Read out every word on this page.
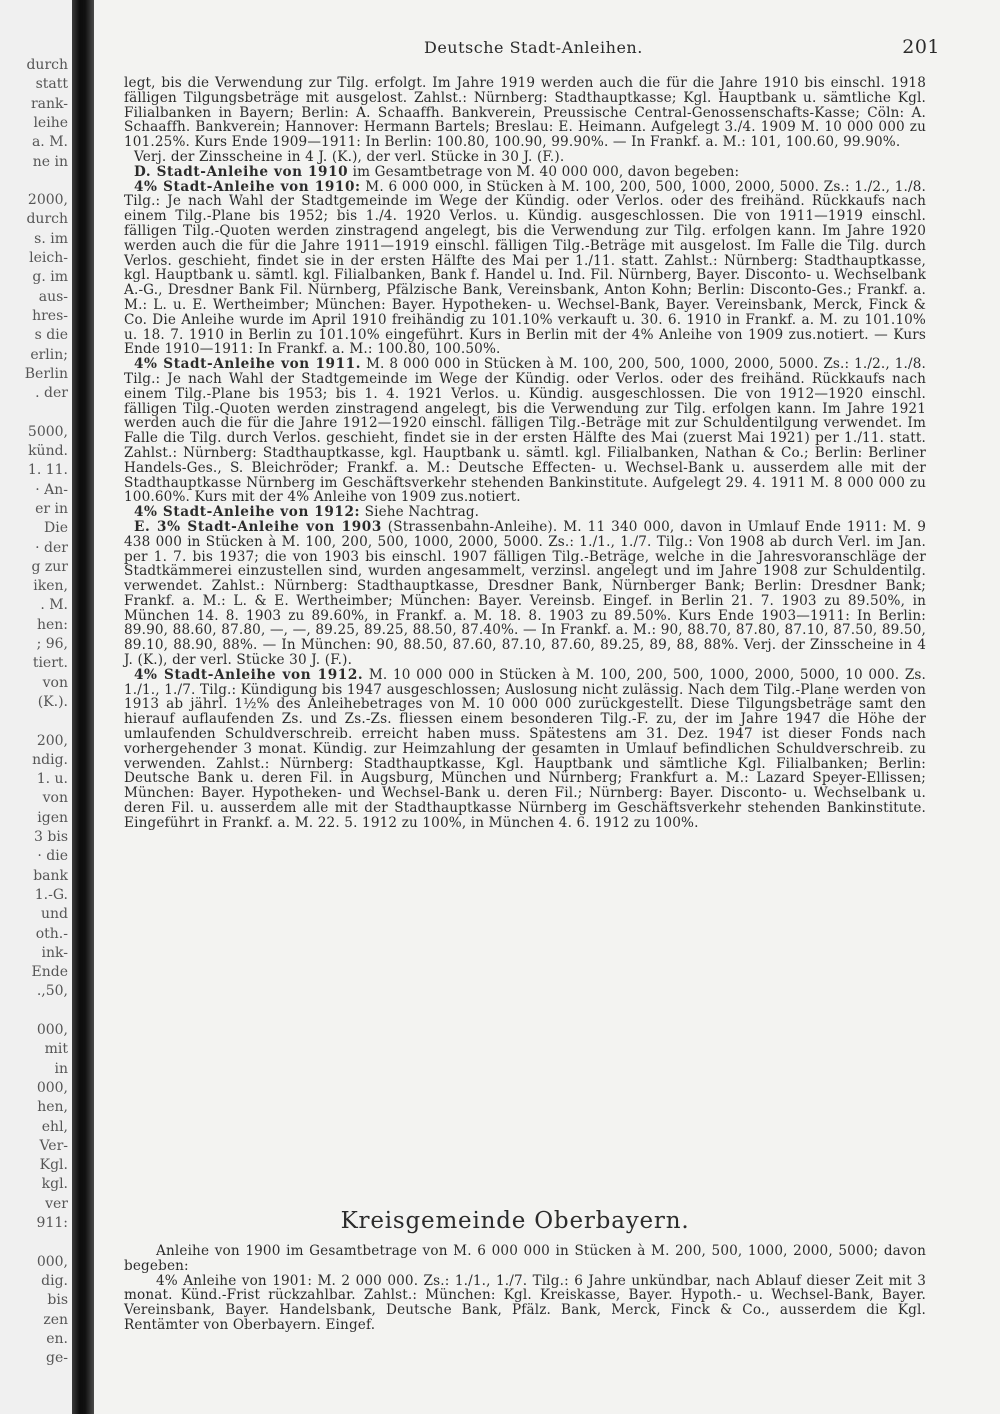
durch
statt
rank-
leihe
a. M.
ne in
2000,
durch
s. im
leich-
g. im
aus-
hres-
s die
erlin;
Berlin
. der
5000,
künd.
1. 11.
· An-
er in
Die
· der
g zur
iken,
. M.
hen:
; 96,
tiert.
von
(K.).
200,
ndig.
1. u.
von
igen
3 bis
· die
bank
1.-G.
und
oth.-
ink-
Ende
.,50,
000,
mit
in
000,
hen,
ehl,
Ver-
Kgl.
kgl.
ver
911:
000,
dig.
bis
zen
en.
ge-
Deutsche Stadt-Anleihen.	201

legt, bis die Verwendung zur Tilg. erfolgt. Im Jahre 1919 werden auch die für die Jahre 1910 bis einschl. 1918 fälligen Tilgungsbeträge mit ausgelost. Zahlst.: Nürnberg: Stadthauptkasse; Kgl. Hauptbank u. sämtliche Kgl. Filialbanken in Bayern; Berlin: A. Schaaffh. Bankverein, Preussische Central-Genossenschafts-Kasse; Cöln: A. Schaaffh. Bankverein; Hannover: Hermann Bartels; Breslau: E. Heimann. Aufgelegt 3./4. 1909 M. 10 000 000 zu 101.25%. Kurs Ende 1909—1911: In Berlin: 100.80, 100.90, 99.90%. — In Frankf. a. M.: 101, 100.60, 99.90%.

Verj. der Zinsscheine in 4 J. (K.), der verl. Stücke in 30 J. (F.).

D. Stadt-Anleihe von 1910 im Gesamtbetrage von M. 40 000 000, davon begeben:

4% Stadt-Anleihe von 1910: M. 6 000 000, in Stücken à M. 100, 200, 500, 1000, 2000, 5000. Zs.: 1./2., 1./8. Tilg.: Je nach Wahl der Stadtgemeinde im Wege der Kündig. oder Verlos. oder des freihänd. Rückkaufs nach einem Tilg.-Plane bis 1952; bis 1./4. 1920 Verlos. u. Kündig. ausgeschlossen. Die von 1911—1919 einschl. fälligen Tilg.-Quoten werden zinstragend angelegt, bis die Verwendung zur Tilg. erfolgen kann. Im Jahre 1920 werden auch die für die Jahre 1911—1919 einschl. fälligen Tilg.-Beträge mit ausgelost. Im Falle die Tilg. durch Verlos. geschieht, findet sie in der ersten Hälfte des Mai per 1./11. statt. Zahlst.: Nürnberg: Stadthauptkasse, kgl. Hauptbank u. sämtl. kgl. Filialbanken, Bank f. Handel u. Ind. Fil. Nürnberg, Bayer. Disconto- u. Wechselbank A.-G., Dresdner Bank Fil. Nürnberg, Pfälzische Bank, Vereinsbank, Anton Kohn; Berlin: Disconto-Ges.; Frankf. a. M.: L. u. E. Wertheimber; München: Bayer. Hypotheken- u. Wechsel-Bank, Bayer. Vereinsbank, Merck, Finck & Co. Die Anleihe wurde im April 1910 freihändig zu 101.10% verkauft u. 30. 6. 1910 in Frankf. a. M. zu 101.10% u. 18. 7. 1910 in Berlin zu 101.10% eingeführt. Kurs in Berlin mit der 4% Anleihe von 1909 zus.notiert. — Kurs Ende 1910—1911: In Frankf. a. M.: 100.80, 100.50%.

4% Stadt-Anleihe von 1911. M. 8 000 000 in Stücken à M. 100, 200, 500, 1000, 2000, 5000. Zs.: 1./2., 1./8. Tilg.: Je nach Wahl der Stadtgemeinde im Wege der Kündig. oder Verlos. oder des freihänd. Rückkaufs nach einem Tilg.-Plane bis 1953; bis 1. 4. 1921 Verlos. u. Kündig. ausgeschlossen. Die von 1912—1920 einschl. fälligen Tilg.-Quoten werden zinstragend angelegt, bis die Verwendung zur Tilg. erfolgen kann. Im Jahre 1921 werden auch die für die Jahre 1912—1920 einschl. fälligen Tilg.-Beträge mit zur Schuldentilgung verwendet. Im Falle die Tilg. durch Verlos. geschieht, findet sie in der ersten Hälfte des Mai (zuerst Mai 1921) per 1./11. statt. Zahlst.: Nürnberg: Stadthauptkasse, kgl. Hauptbank u. sämtl. kgl. Filialbanken, Nathan & Co.; Berlin: Berliner Handels-Ges., S. Bleichröder; Frankf. a. M.: Deutsche Effecten- u. Wechsel-Bank u. ausserdem alle mit der Stadthauptkasse Nürnberg im Geschäftsverkehr stehenden Bankinstitute. Aufgelegt 29. 4. 1911 M. 8 000 000 zu 100.60%. Kurs mit der 4% Anleihe von 1909 zus.notiert.

4% Stadt-Anleihe von 1912: Siehe Nachtrag.

E. 3% Stadt-Anleihe von 1903 (Strassenbahn-Anleihe). M. 11 340 000, davon in Umlauf Ende 1911: M. 9 438 000 in Stücken à M. 100, 200, 500, 1000, 2000, 5000. Zs.: 1./1., 1./7. Tilg.: Von 1908 ab durch Verl. im Jan. per 1. 7. bis 1937; die von 1903 bis einschl. 1907 fälligen Tilg.-Beträge, welche in die Jahresvoranschläge der Stadtkämmerei einzustellen sind, wurden angesammelt, verzinsl. angelegt und im Jahre 1908 zur Schuldentilg. verwendet. Zahlst.: Nürnberg: Stadthauptkasse, Dresdner Bank, Nürnberger Bank; Berlin: Dresdner Bank; Frankf. a. M.: L. & E. Wertheimber; München: Bayer. Vereinsb. Eingef. in Berlin 21. 7. 1903 zu 89.50%, in München 14. 8. 1903 zu 89.60%, in Frankf. a. M. 18. 8. 1903 zu 89.50%. Kurs Ende 1903—1911: In Berlin: 89.90, 88.60, 87.80, —, —, 89.25, 89.25, 88.50, 87.40%. — In Frankf. a. M.: 90, 88.70, 87.80, 87.10, 87.50, 89.50, 89.10, 88.90, 88%. — In München: 90, 88.50, 87.60, 87.10, 87.60, 89.25, 89, 88, 88%. Verj. der Zinsscheine in 4 J. (K.), der verl. Stücke 30 J. (F.).

4% Stadt-Anleihe von 1912. M. 10 000 000 in Stücken à M. 100, 200, 500, 1000, 2000, 5000, 10 000. Zs. 1./1., 1./7. Tilg.: Kündigung bis 1947 ausgeschlossen; Auslosung nicht zulässig. Nach dem Tilg.-Plane werden von 1913 ab jährl. 1½% des Anleihebetrages von M. 10 000 000 zurückgestellt. Diese Tilgungsbeträge samt den hierauf auflaufenden Zs. und Zs.-Zs. fliessen einem besonderen Tilg.-F. zu, der im Jahre 1947 die Höhe der umlaufenden Schuldverschreib. erreicht haben muss. Spätestens am 31. Dez. 1947 ist dieser Fonds nach vorhergehender 3 monat. Kündig. zur Heimzahlung der gesamten in Umlauf befindlichen Schuldverschreib. zu verwenden. Zahlst.: Nürnberg: Stadthauptkasse, Kgl. Hauptbank und sämtliche Kgl. Filialbanken; Berlin: Deutsche Bank u. deren Fil. in Augsburg, München und Nürnberg; Frankfurt a. M.: Lazard Speyer-Ellissen; München: Bayer. Hypotheken- und Wechsel-Bank u. deren Fil.; Nürnberg: Bayer. Disconto- u. Wechselbank u. deren Fil. u. ausserdem alle mit der Stadthauptkasse Nürnberg im Geschäftsverkehr stehenden Bankinstitute. Eingeführt in Frankf. a. M. 22. 5. 1912 zu 100%, in München 4. 6. 1912 zu 100%.

Kreisgemeinde Oberbayern.

Anleihe von 1900 im Gesamtbetrage von M. 6 000 000 in Stücken à M. 200, 500, 1000, 2000, 5000; davon begeben:

4% Anleihe von 1901: M. 2 000 000. Zs.: 1./1., 1./7. Tilg.: 6 Jahre unkündbar, nach Ablauf dieser Zeit mit 3 monat. Künd.-Frist rückzahlbar. Zahlst.: München: Kgl. Kreiskasse, Bayer. Hypoth.- u. Wechsel-Bank, Bayer. Vereinsbank, Bayer. Handelsbank, Deutsche Bank, Pfälz. Bank, Merck, Finck & Co., ausserdem die Kgl. Rentämter von Oberbayern. Eingef.
